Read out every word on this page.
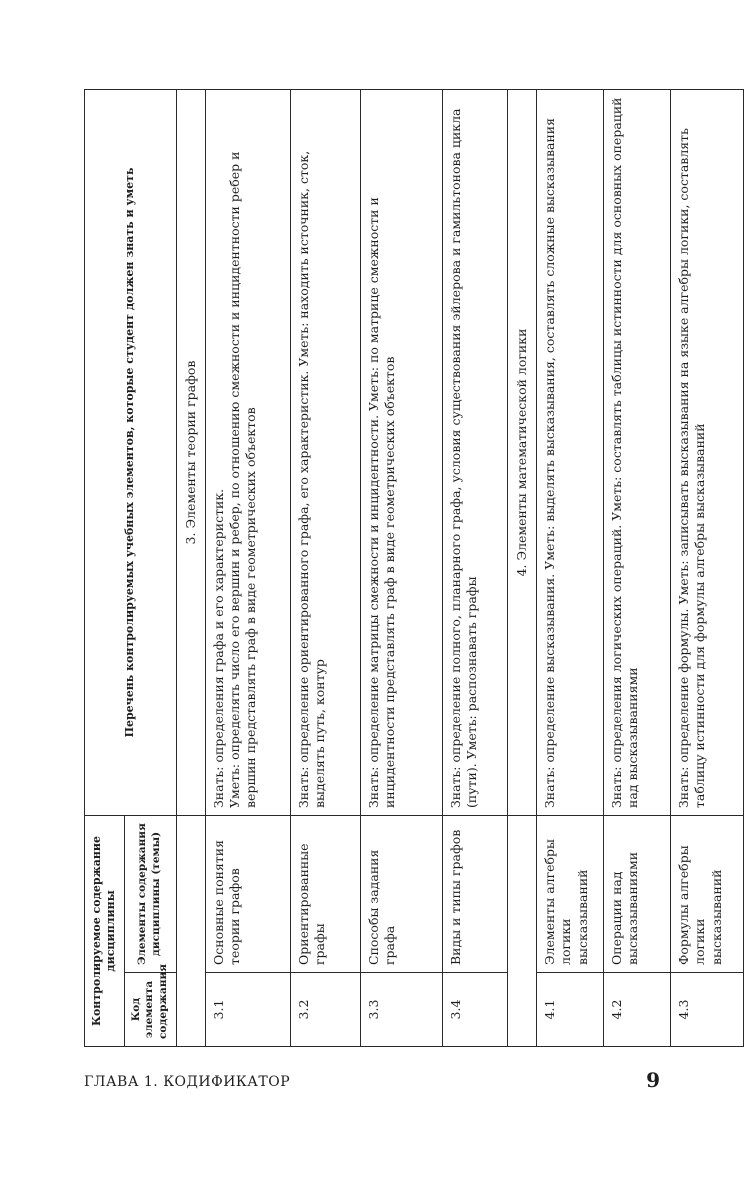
Контролируемое содержание дисциплины		Перечень контролируемых учебных элементов, которые студент должен знать и уметь
Код элемента содержания	Элементы содержания дисциплины (темы)	
		3. Элементы теории графов
3.1	Основные понятия теории графов	Знать: определения графа и его характеристик. Уметь: определять число его вершин и ребер, по отношению смежности и инцидентности ребер и вершин представлять граф в виде геометрических объектов

3.2	Ориентированные графы	Знать: определение ориентированного графа, его характеристик. Уметь: находить источник, сток, выделять путь, контур

3.3	Способы задания графа	Знать: определение матрицы смежности и инцидентности. Уметь: по матрице смежности и инцидентности представлять граф в виде геометрических объектов

3.4	Виды и типы графов	Знать: определение полного, планарного графа, условия существования эйлерова и гамильтонова цикла (пути). Уметь: распознавать графы

		4. Элементы математической логики
4.1	Элементы алгебры логики высказываний	Знать: определение высказывания. Уметь: выделять высказывания, составлять сложные высказывания

4.2	Операции над высказываниями	Знать: определения логических операций. Уметь: составлять таблицы истинности для основных операций над высказываниями

4.3	Формулы алгебры логики высказываний	Знать: определение формулы. Уметь: записывать высказывания на языке алгебры логики, составлять таблицу истинности для формулы алгебры высказываний
ГЛАВА 1. КОДИФИКАТОР	9
